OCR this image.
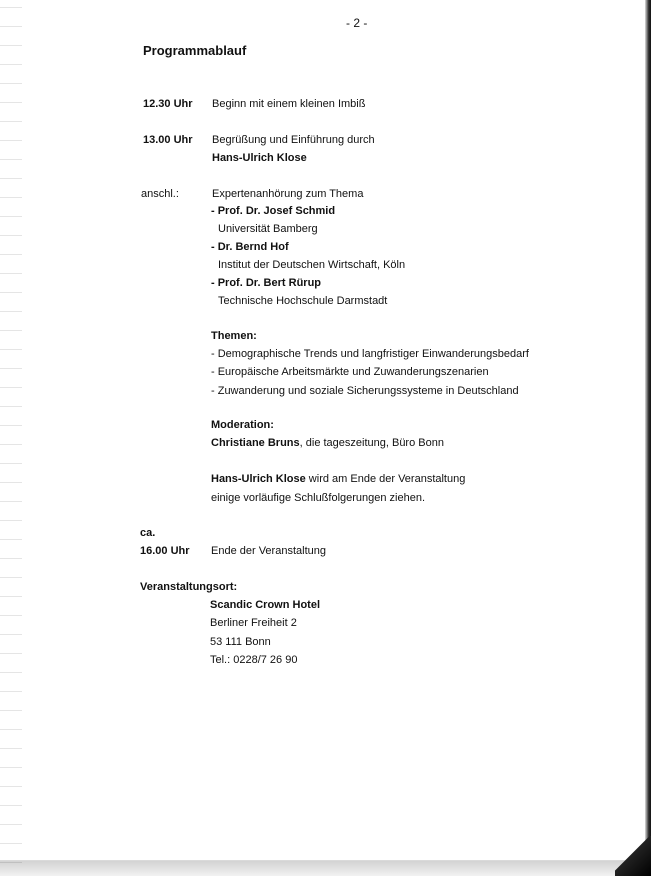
- 2 -
Programmablauf
12.30 Uhr Beginn mit einem kleinen Imbiß
13.00 Uhr Begrüßung und Einführung durch
Hans-Ulrich Klose
anschl.:	Expertenanhörung zum Thema
- Prof. Dr. Josef Schmid
Universität Bamberg
- Dr. Bernd Hof
Institut der Deutschen Wirtschaft, Köln
- Prof. Dr. Bert Rürup
Technische Hochschule Darmstadt
Themen:
- Demographische Trends und langfristiger Einwanderungsbedarf
- Europäische Arbeitsmärkte und Zuwanderungszenarien
- Zuwanderung und soziale Sicherungssysteme in Deutschland
Moderation:
Christiane Bruns, die tageszeitung, Büro Bonn
Hans-Ulrich Klose wird am Ende der Veranstaltung
einige vorläufige Schlußfolgerungen ziehen.
ca.
16.00 Uhr Ende der Veranstaltung
Veranstaltungsort:
Scandic Crown Hotel
Berliner Freiheit 2
53 111 Bonn
Tel.: 0228/7 26 90
